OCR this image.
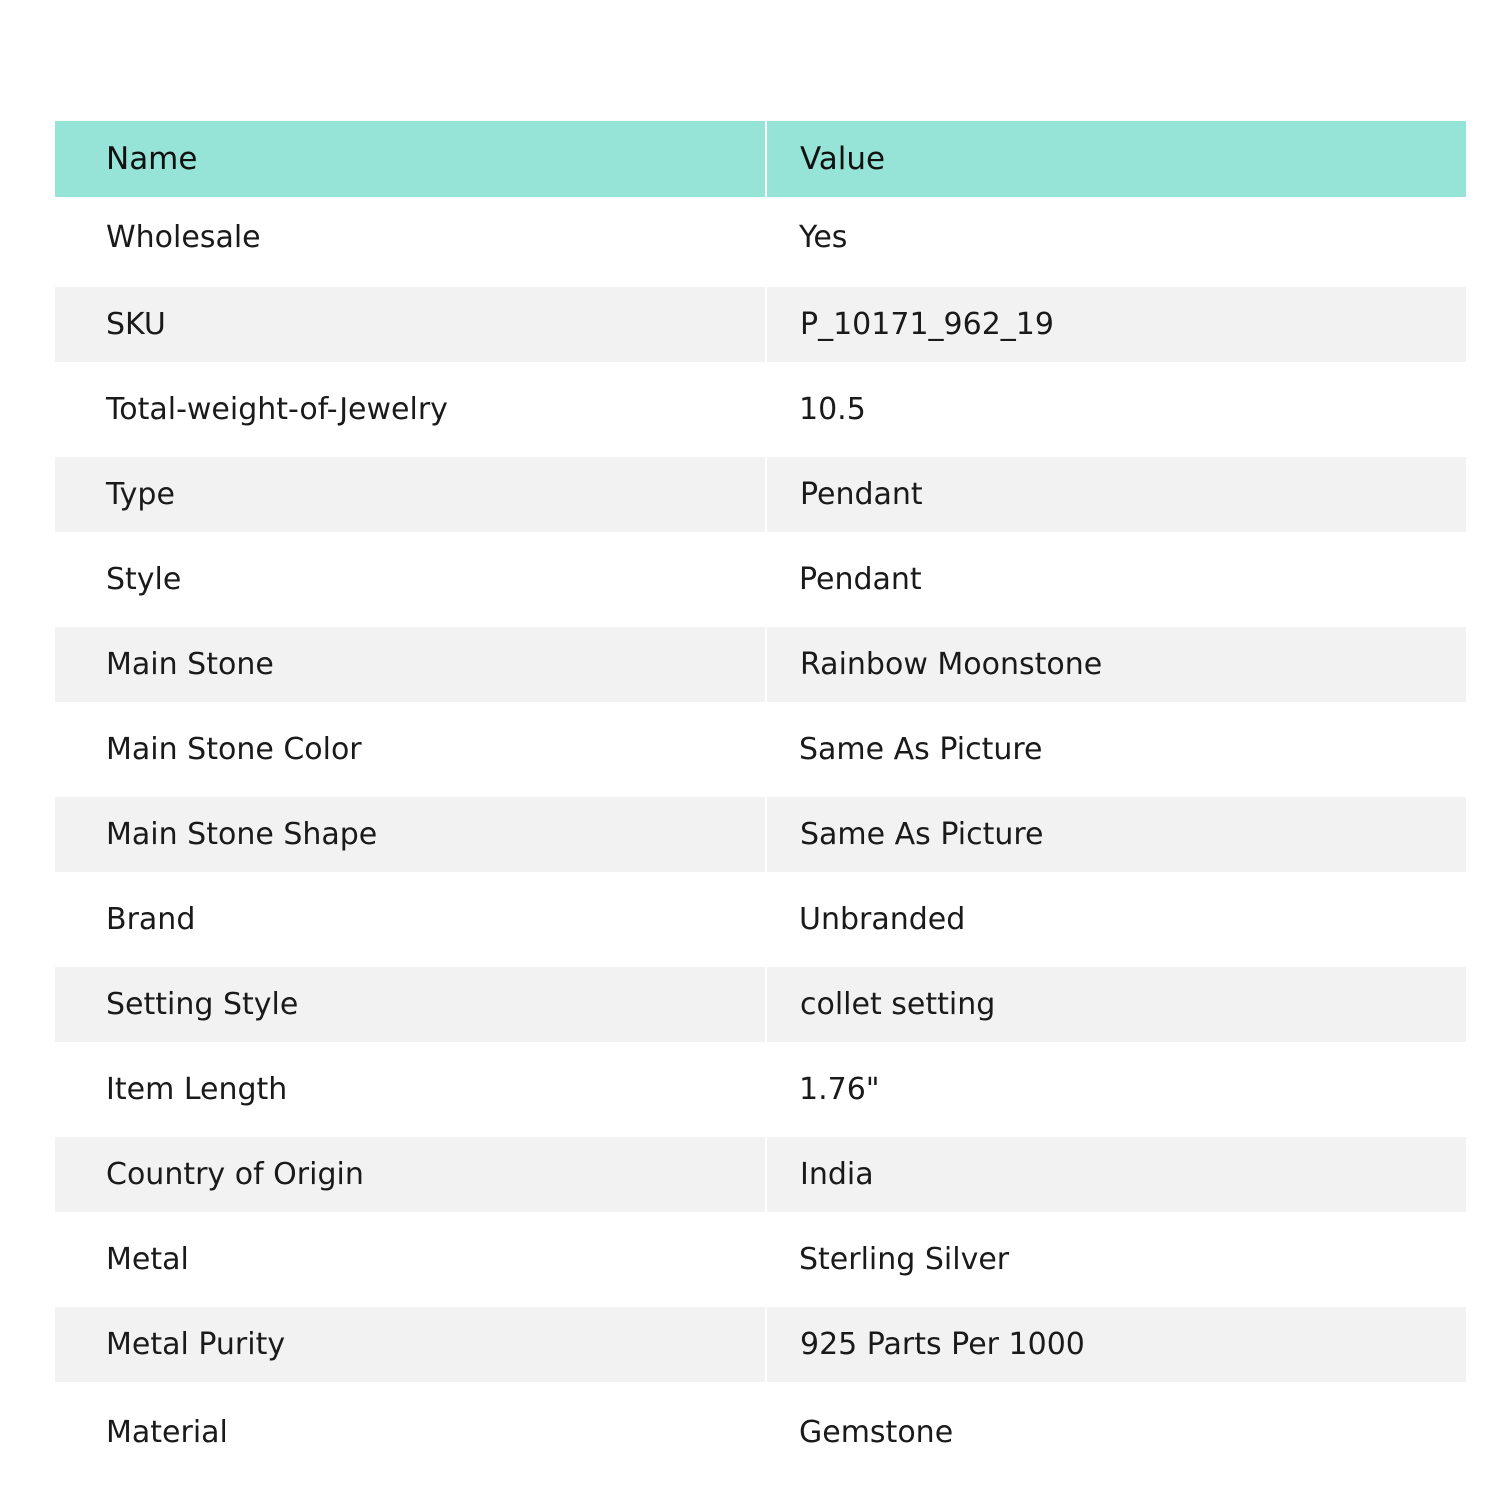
Name	Value
Wholesale	Yes
SKU	P_10171_962_19
Total-weight-of-Jewelry	10.5
Type	Pendant
Style	Pendant
Main Stone	Rainbow Moonstone
Main Stone Color	Same As Picture
Main Stone Shape	Same As Picture
Brand	Unbranded
Setting Style	collet setting
Item Length	1.76"
Country of Origin	India
Metal	Sterling Silver
Metal Purity	925 Parts Per 1000
Material	Gemstone
